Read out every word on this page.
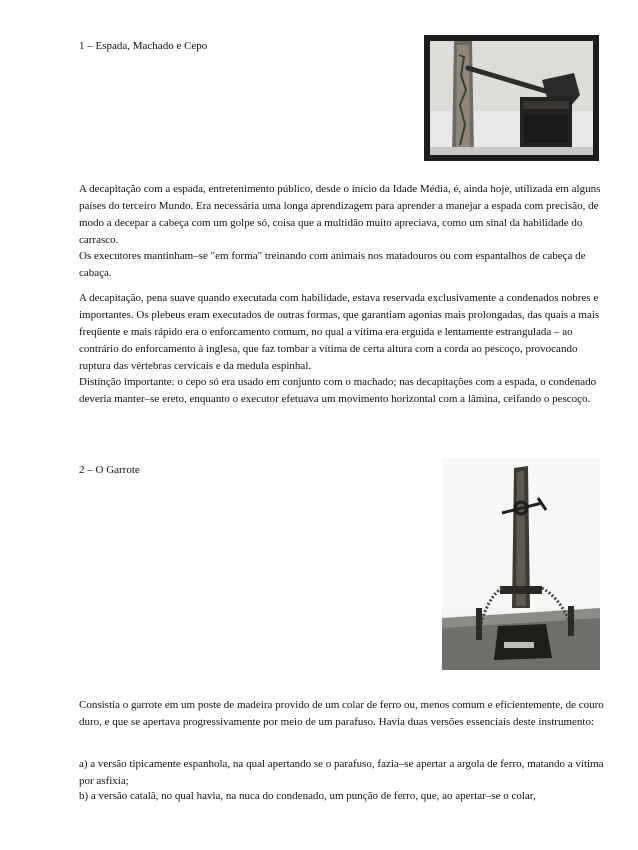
1 – Espada, Machado e Cepo

A decapitação com a espada, entretenimento público, desde o início da Idade Média, é, ainda hoje, utilizada em alguns países do terceiro Mundo. Era necessária uma longa aprendizagem para aprender a manejar a espada com precisão, de modo a decepar a cabeça com um golpe só, coisa que a multidão muito apreciava, como um sinal da habilidade do carrasco.

Os executores mantinham–se "em forma" treinando com animais nos matadouros ou com espantalhos de cabeça de cabaça.

A decapitação, pena suave quando executada com habilidade, estava reservada exclusivamente a condenados nobres e importantes. Os plebeus eram executados de outras formas, que garantiam agonias mais prolongadas, das quais a mais freqüente e mais rápido era o enforcamento comum, no qual a vítima era erguida e lentamente estrangulada – ao contrário do enforcamento à inglesa, que faz tombar a vítima de certa altura com a corda ao pescoço, provocando ruptura das vértebras cervicais e da medula espinhal.

Distinção importante: o cepo só era usado em conjunto com o machado; nas decapitações com a espada, o condenado deveria manter–se ereto, enquanto o executor efetuava um movimento horizontal com a lâmina, ceifando o pescoço.

2 – O Garrote

Consistia o garrote em um poste de madeira provido de um colar de ferro ou, menos comum e eficientemente, de couro duro, e que se apertava progressivamente por meio de um parafuso. Havia duas versões essenciais deste instrumento:

a) a versão tipicamente espanhola, na qual apertando se o parafuso, fazia–se apertar a argola de ferro, matando a vítima por asfixia;

b) a versão catalã, no qual havia, na nuca do condenado, um punção de ferro, que, ao apertar–se o colar,
